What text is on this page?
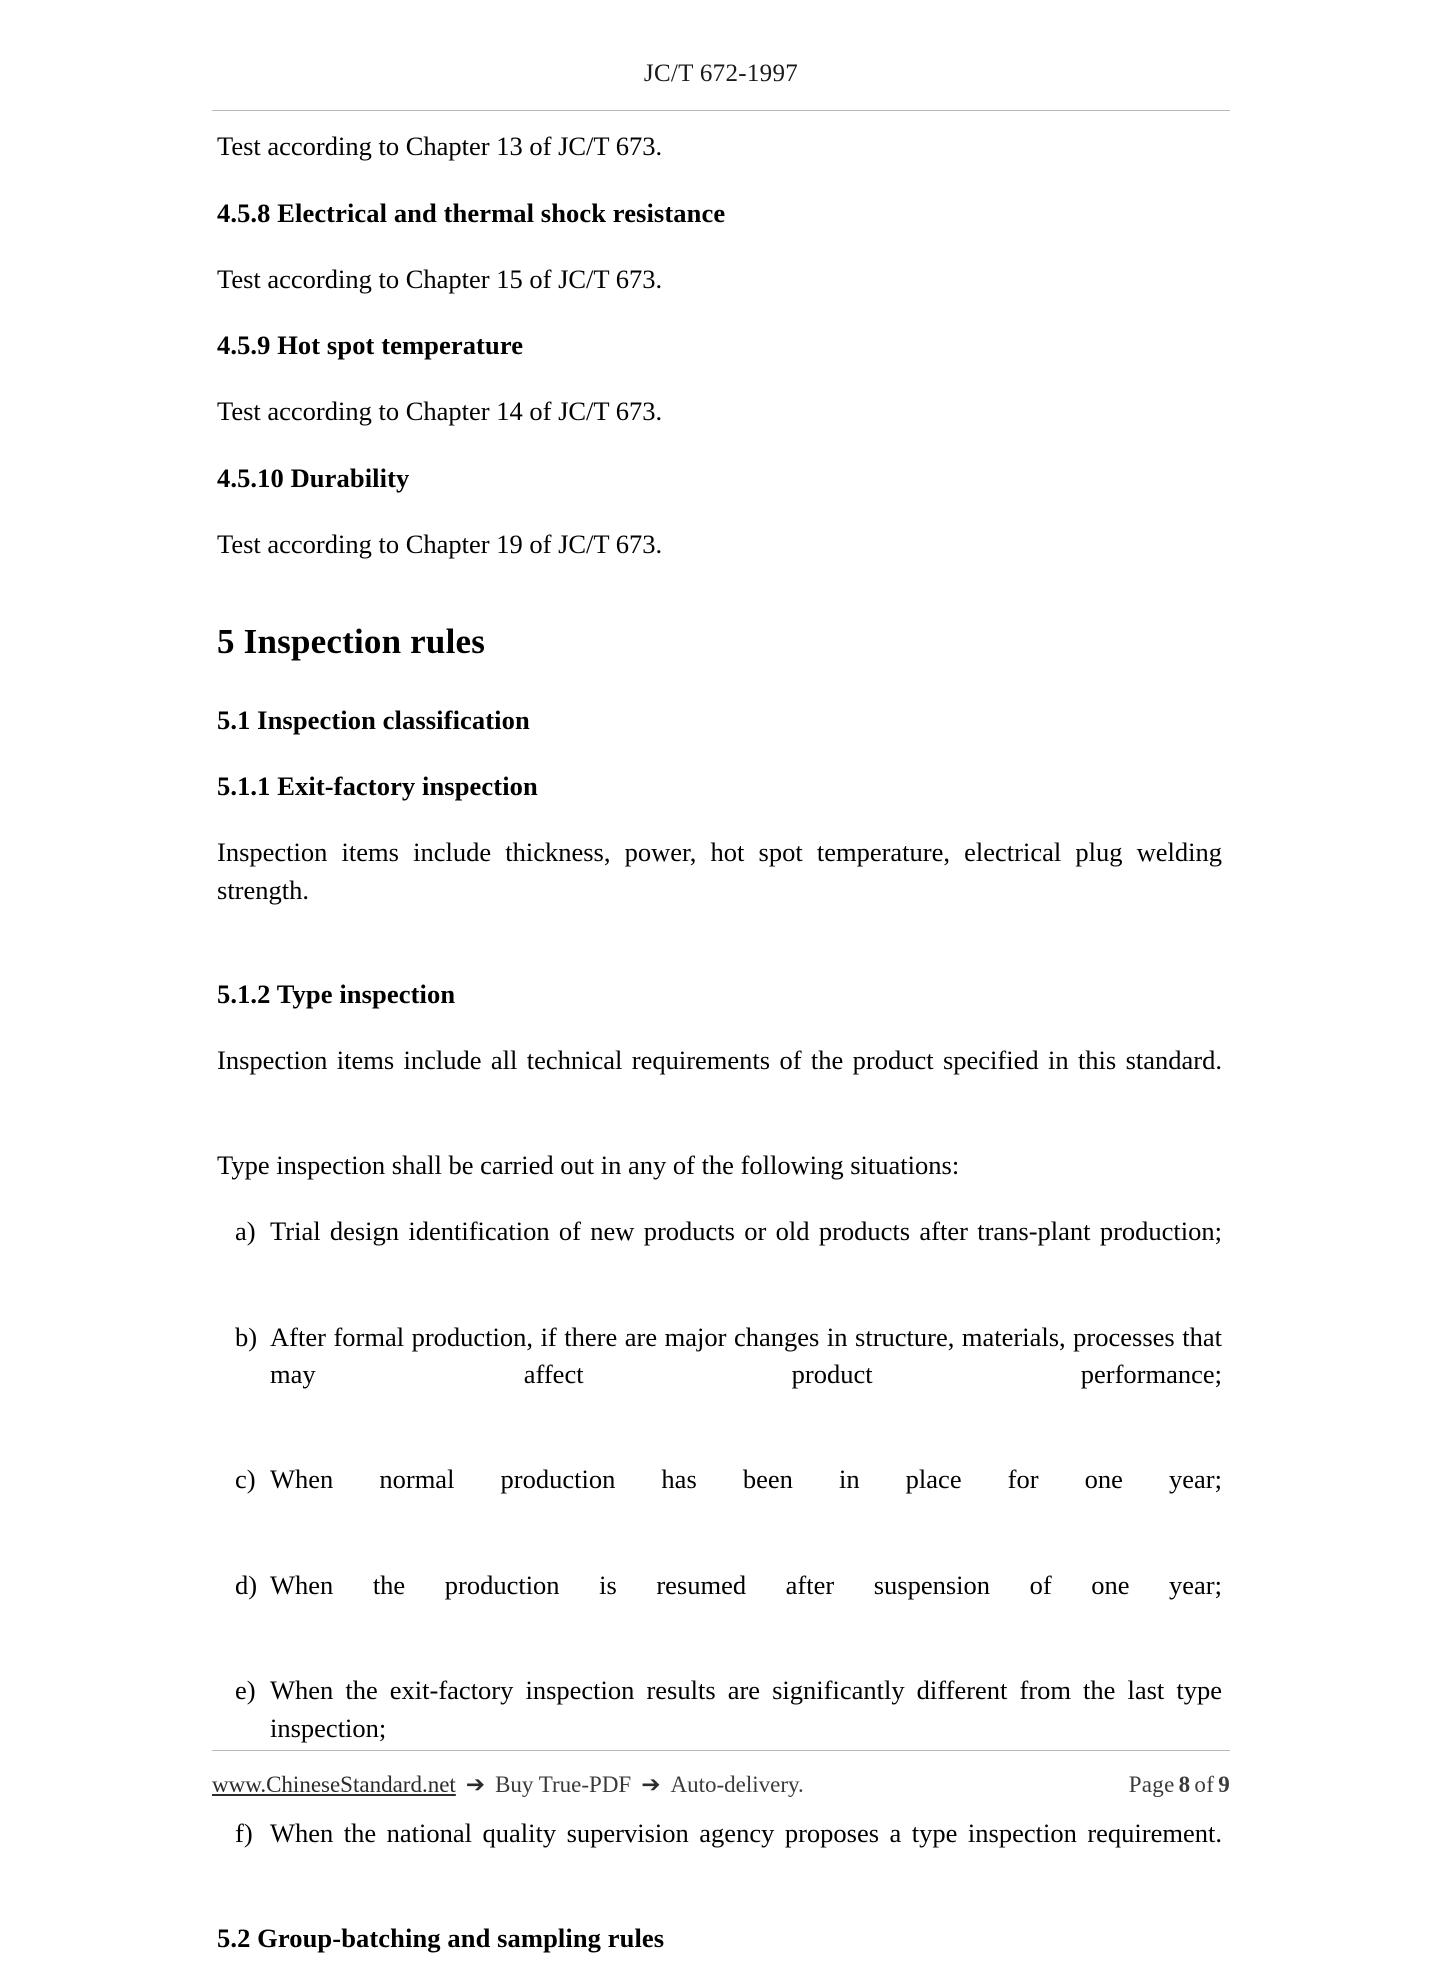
JC/T 672-1997

Test according to Chapter 13 of JC/T 673.

4.5.8 Electrical and thermal shock resistance

Test according to Chapter 15 of JC/T 673.

4.5.9 Hot spot temperature

Test according to Chapter 14 of JC/T 673.

4.5.10 Durability

Test according to Chapter 19 of JC/T 673.

5 Inspection rules
5.1 Inspection classification
5.1.1 Exit-factory inspection

Inspection items include thickness, power, hot spot temperature, electrical plug welding strength.

5.1.2 Type inspection

Inspection items include all technical requirements of the product specified in this standard.

Type inspection shall be carried out in any of the following situations:

a) Trial design identification of new products or old products after trans-plant production;
b) After formal production, if there are major changes in structure, materials, processes that may affect product performance;
c) When normal production has been in place for one year;
d) When the production is resumed after suspension of one year;
e) When the exit-factory inspection results are significantly different from the last type inspection;
f) When the national quality supervision agency proposes a type inspection requirement.
5.2 Group-batching and sampling rules
www.ChineseStandard.net ➔ Buy True-PDF ➔ Auto-delivery.	Page 8 of 9
